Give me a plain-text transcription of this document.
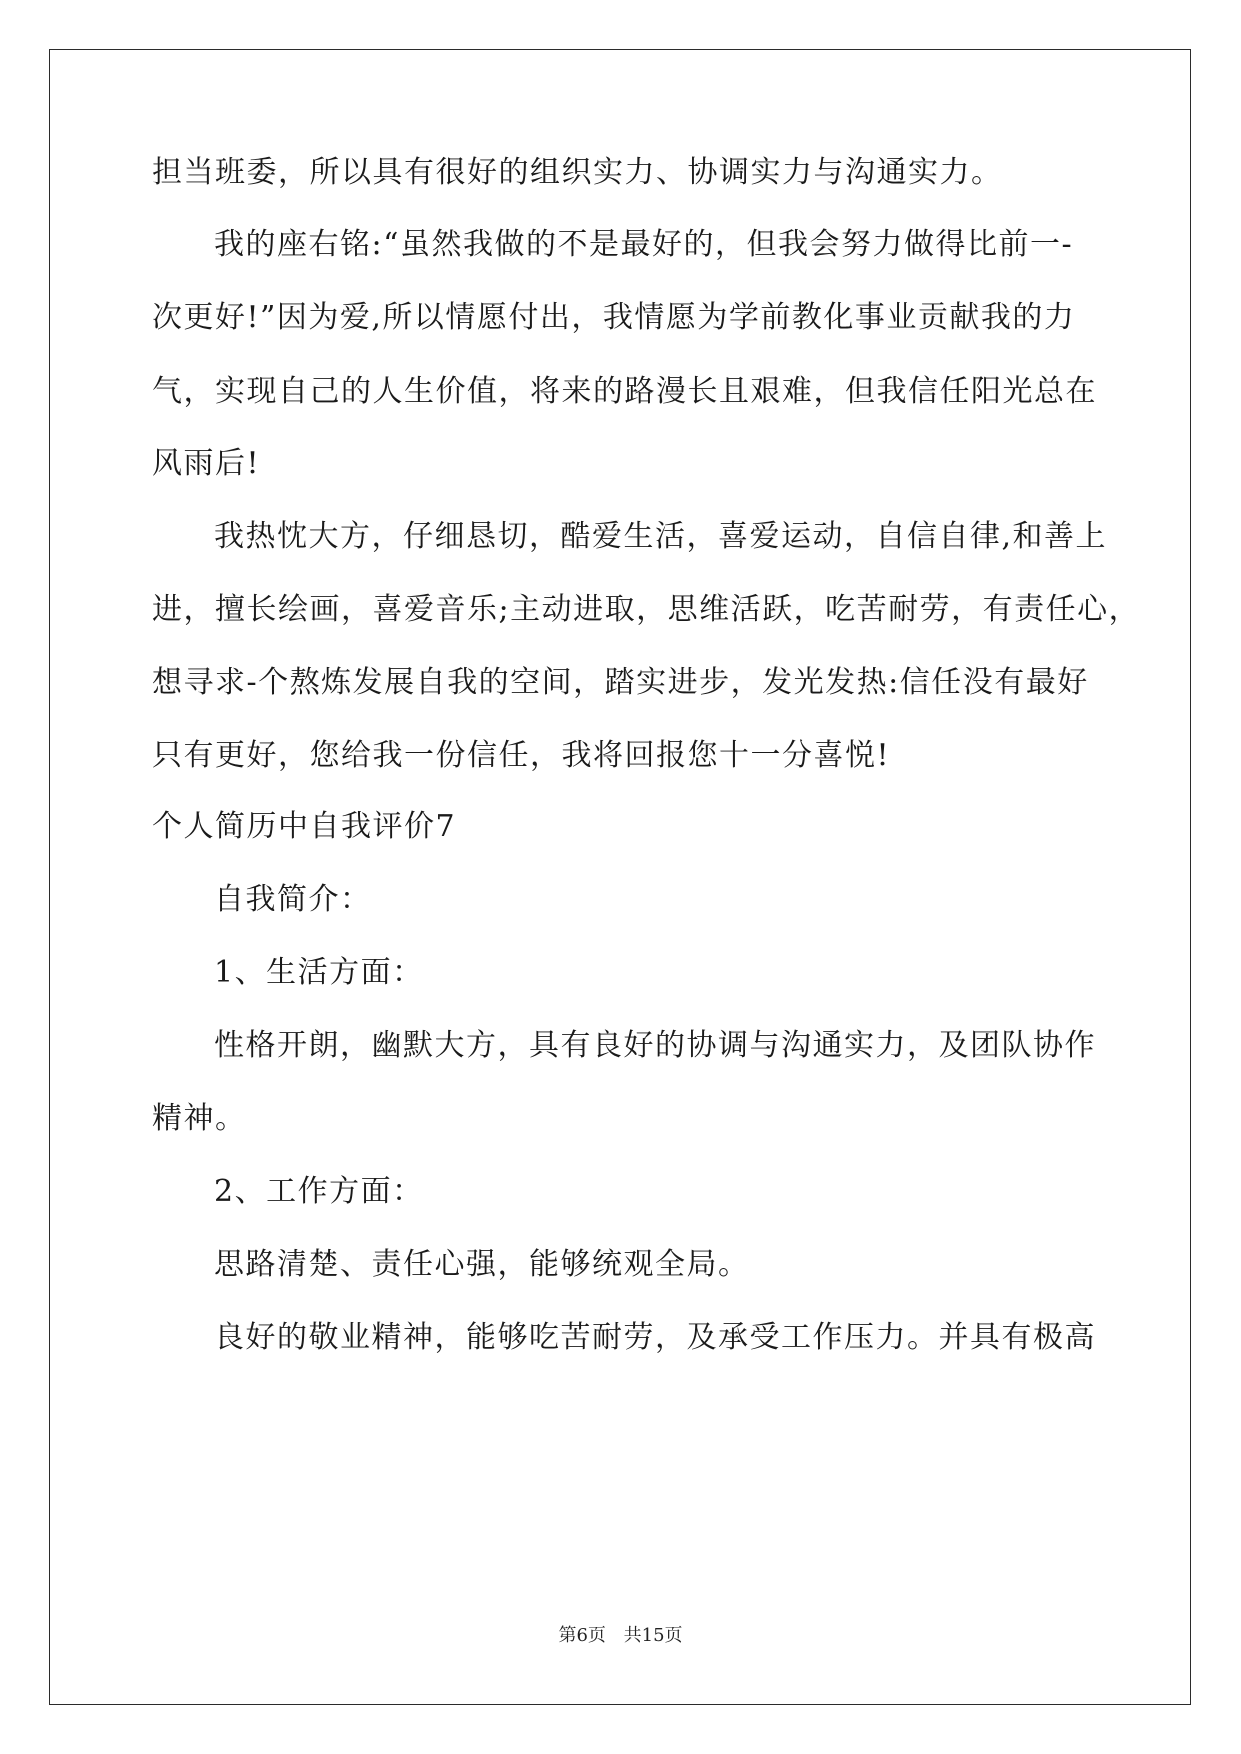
担当班委，所以具有很好的组织实力、协调实力与沟通实力。
我的座右铭:“虽然我做的不是最好的，但我会努力做得比前一-
次更好!”因为爱,所以情愿付出，我情愿为学前教化事业贡献我的力
气，实现自己的人生价值，将来的路漫长且艰难，但我信任阳光总在
风雨后!
我热忱大方，仔细恳切，酷爱生活，喜爱运动，自信自律,和善上
进，擅长绘画，喜爱音乐;主动进取，思维活跃，吃苦耐劳，有责任心，
想寻求-个熬炼发展自我的空间，踏实进步，发光发热:信任没有最好
只有更好，您给我一份信任，我将回报您十一分喜悦!
个人简历中自我评价7
自我简介：
1、生活方面：
性格开朗，幽默大方，具有良好的协调与沟通实力，及团队协作
精神。
2、工作方面：
思路清楚、责任心强，能够统观全局。
良好的敬业精神，能够吃苦耐劳，及承受工作压力。并具有极高
第6页 共15页
